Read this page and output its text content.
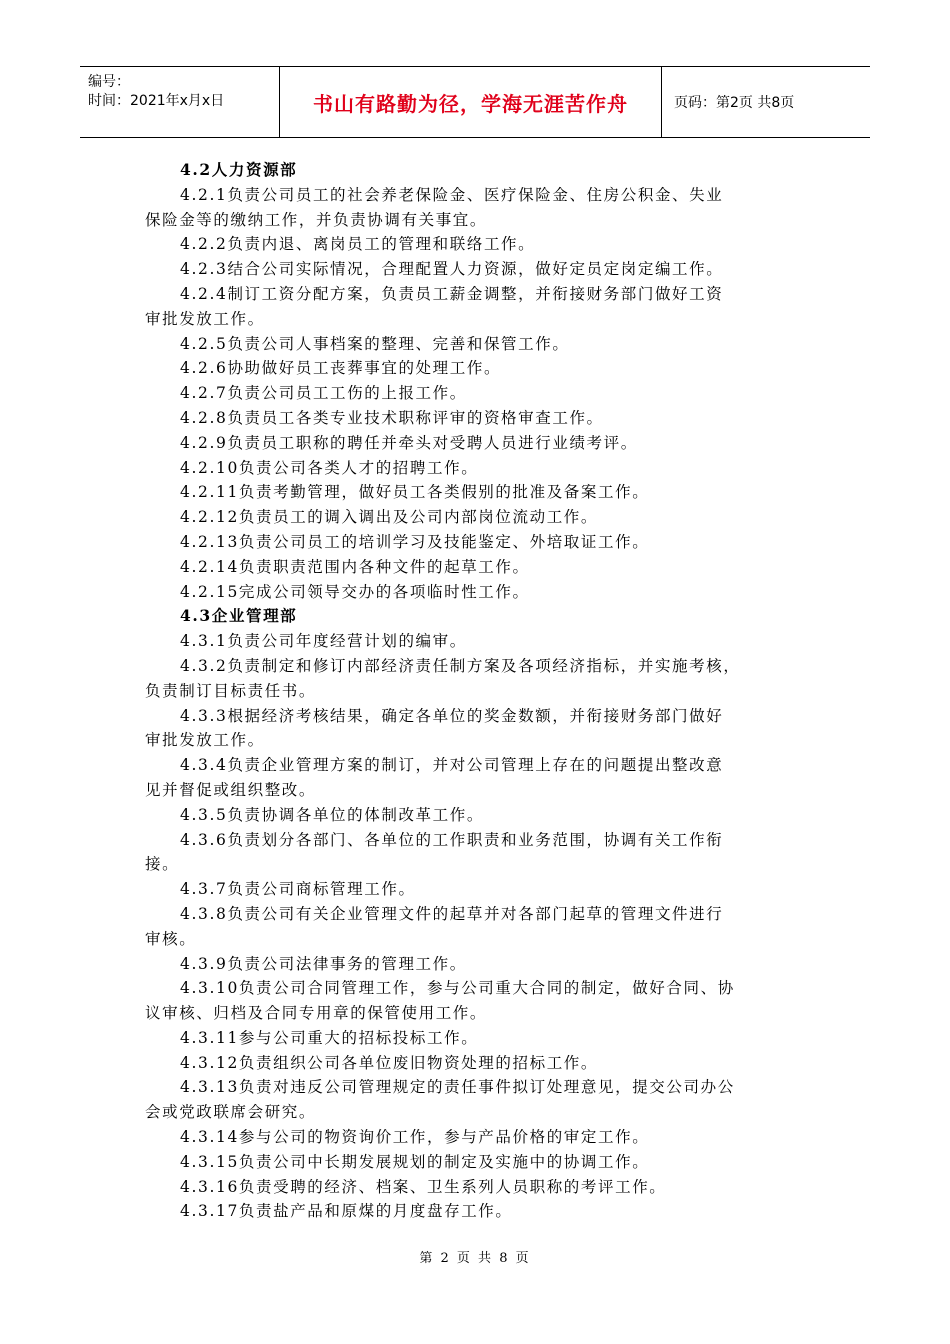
编号：
时间：2021年x月x日	书山有路勤为径，学海无涯苦作舟	页码：第2页 共8页
4.2人力资源部
4.2.1负责公司员工的社会养老保险金、医疗保险金、住房公积金、失业
保险金等的缴纳工作，并负责协调有关事宜。
4.2.2负责内退、离岗员工的管理和联络工作。
4.2.3结合公司实际情况，合理配置人力资源，做好定员定岗定编工作。
4.2.4制订工资分配方案，负责员工薪金调整，并衔接财务部门做好工资
审批发放工作。
4.2.5负责公司人事档案的整理、完善和保管工作。
4.2.6协助做好员工丧葬事宜的处理工作。
4.2.7负责公司员工工伤的上报工作。
4.2.8负责员工各类专业技术职称评审的资格审查工作。
4.2.9负责员工职称的聘任并牵头对受聘人员进行业绩考评。
4.2.10负责公司各类人才的招聘工作。
4.2.11负责考勤管理，做好员工各类假别的批准及备案工作。
4.2.12负责员工的调入调出及公司内部岗位流动工作。
4.2.13负责公司员工的培训学习及技能鉴定、外培取证工作。
4.2.14负责职责范围内各种文件的起草工作。
4.2.15完成公司领导交办的各项临时性工作。
4.3企业管理部
4.3.1负责公司年度经营计划的编审。
4.3.2负责制定和修订内部经济责任制方案及各项经济指标，并实施考核，
负责制订目标责任书。
4.3.3根据经济考核结果，确定各单位的奖金数额，并衔接财务部门做好
审批发放工作。
4.3.4负责企业管理方案的制订，并对公司管理上存在的问题提出整改意
见并督促或组织整改。
4.3.5负责协调各单位的体制改革工作。
4.3.6负责划分各部门、各单位的工作职责和业务范围，协调有关工作衔
接。
4.3.7负责公司商标管理工作。
4.3.8负责公司有关企业管理文件的起草并对各部门起草的管理文件进行
审核。
4.3.9负责公司法律事务的管理工作。
4.3.10负责公司合同管理工作，参与公司重大合同的制定，做好合同、协
议审核、归档及合同专用章的保管使用工作。
4.3.11参与公司重大的招标投标工作。
4.3.12负责组织公司各单位废旧物资处理的招标工作。
4.3.13负责对违反公司管理规定的责任事件拟订处理意见，提交公司办公
会或党政联席会研究。
4.3.14参与公司的物资询价工作，参与产品价格的审定工作。
4.3.15负责公司中长期发展规划的制定及实施中的协调工作。
4.3.16负责受聘的经济、档案、卫生系列人员职称的考评工作。
4.3.17负责盐产品和原煤的月度盘存工作。
第 2 页 共 8 页
